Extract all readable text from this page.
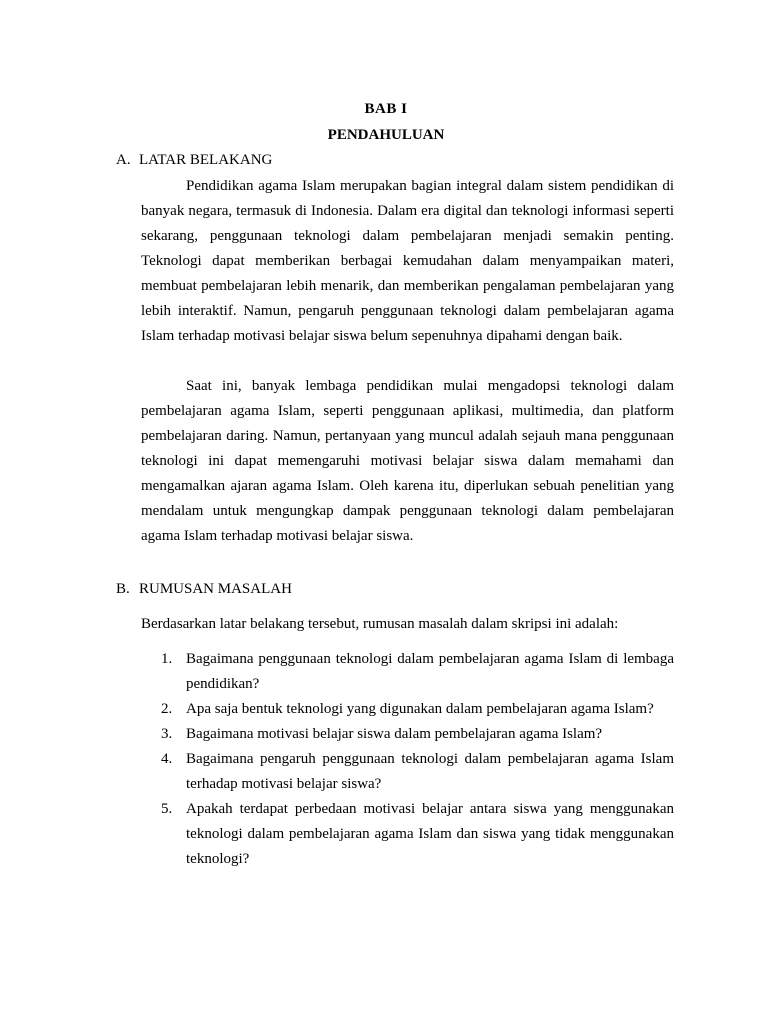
BAB I
PENDAHULUAN
A. LATAR BELAKANG

Pendidikan agama Islam merupakan bagian integral dalam sistem pendidikan di banyak negara, termasuk di Indonesia. Dalam era digital dan teknologi informasi seperti sekarang, penggunaan teknologi dalam pembelajaran menjadi semakin penting. Teknologi dapat memberikan berbagai kemudahan dalam menyampaikan materi, membuat pembelajaran lebih menarik, dan memberikan pengalaman pembelajaran yang lebih interaktif. Namun, pengaruh penggunaan teknologi dalam pembelajaran agama Islam terhadap motivasi belajar siswa belum sepenuhnya dipahami dengan baik.

Saat ini, banyak lembaga pendidikan mulai mengadopsi teknologi dalam pembelajaran agama Islam, seperti penggunaan aplikasi, multimedia, dan platform pembelajaran daring. Namun, pertanyaan yang muncul adalah sejauh mana penggunaan teknologi ini dapat memengaruhi motivasi belajar siswa dalam memahami dan mengamalkan ajaran agama Islam. Oleh karena itu, diperlukan sebuah penelitian yang mendalam untuk mengungkap dampak penggunaan teknologi dalam pembelajaran agama Islam terhadap motivasi belajar siswa.

B. RUMUSAN MASALAH

Berdasarkan latar belakang tersebut, rumusan masalah dalam skripsi ini adalah:

1. Bagaimana penggunaan teknologi dalam pembelajaran agama Islam di lembaga pendidikan?
2. Apa saja bentuk teknologi yang digunakan dalam pembelajaran agama Islam?
3. Bagaimana motivasi belajar siswa dalam pembelajaran agama Islam?
4. Bagaimana pengaruh penggunaan teknologi dalam pembelajaran agama Islam terhadap motivasi belajar siswa?
5. Apakah terdapat perbedaan motivasi belajar antara siswa yang menggunakan teknologi dalam pembelajaran agama Islam dan siswa yang tidak menggunakan teknologi?
